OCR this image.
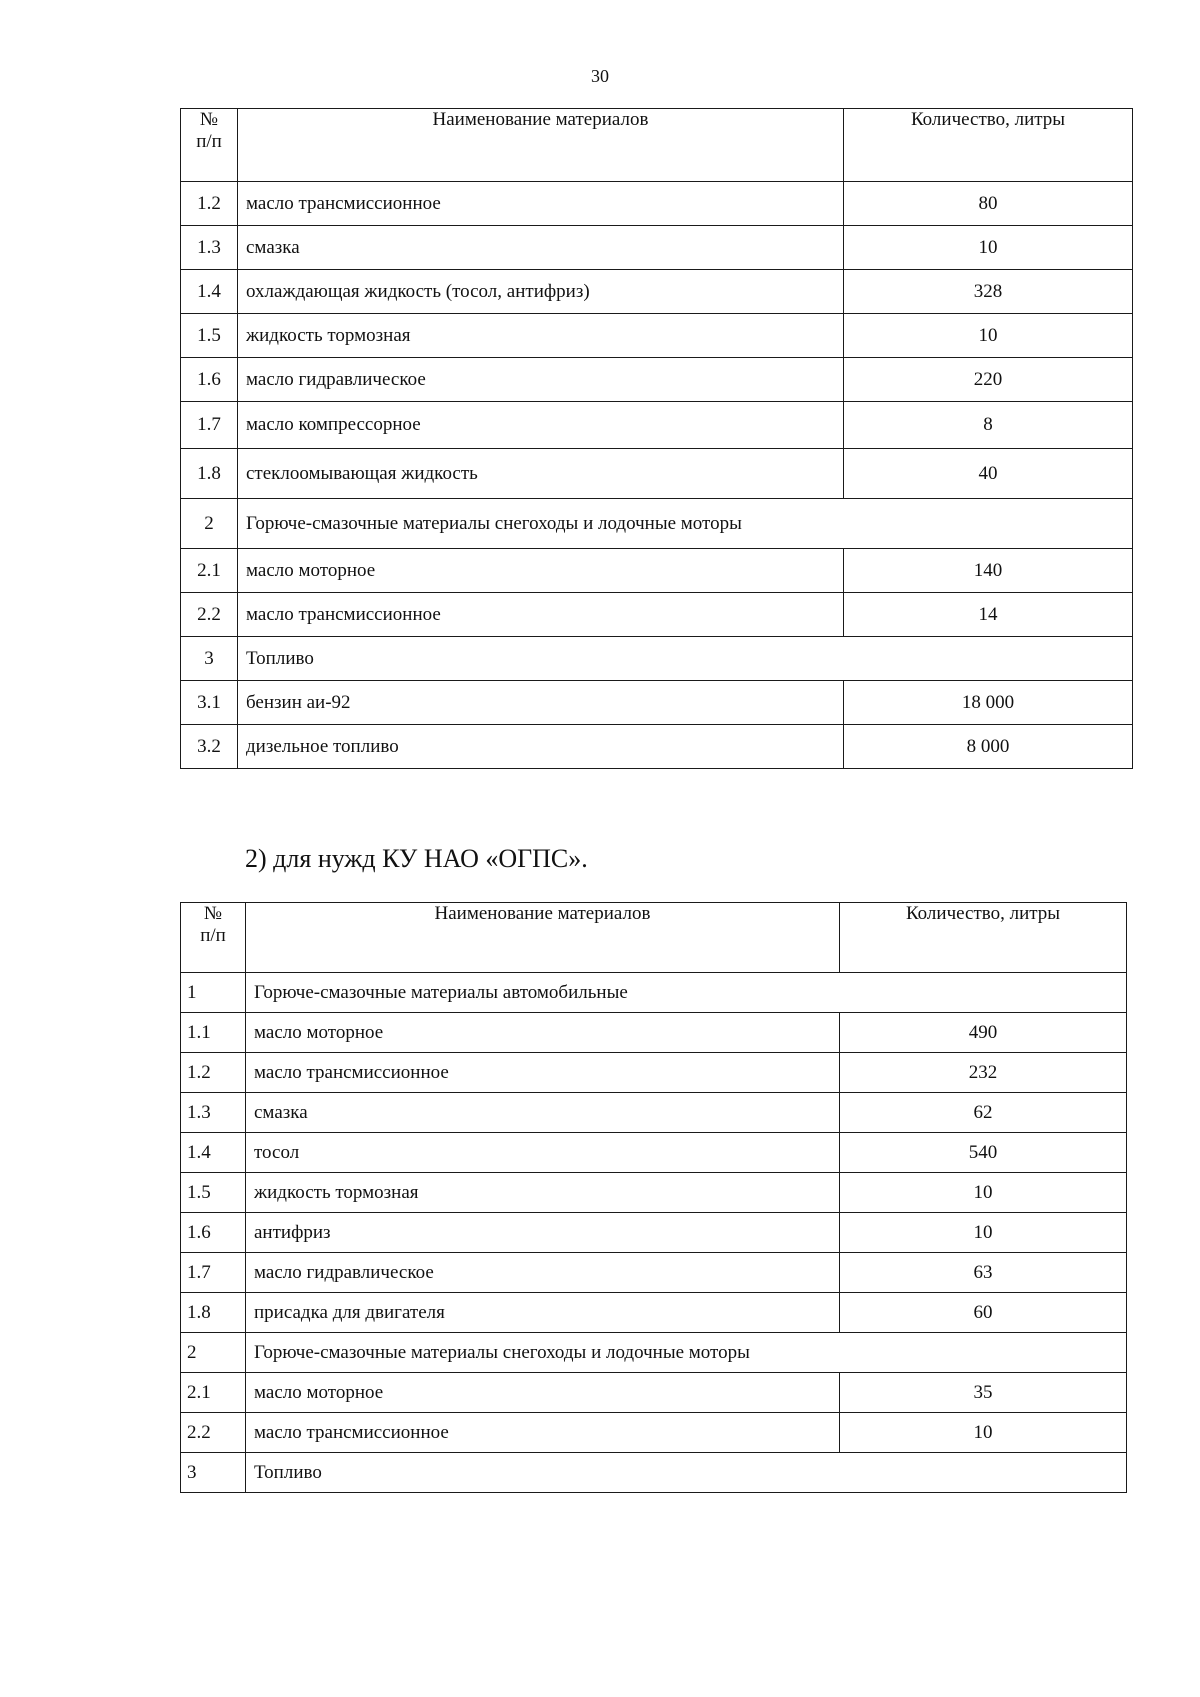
30
№
п/п	Наименование материалов	Количество, литры
1.2	масло трансмиссионное	80
1.3	смазка	10
1.4	охлаждающая жидкость (тосол, антифриз)	328
1.5	жидкость тормозная	10
1.6	масло гидравлическое	220
1.7	масло компрессорное	8
1.8	стеклоомывающая жидкость	40
2	Горюче-смазочные материалы снегоходы и лодочные моторы	
2.1	масло моторное	140
2.2	масло трансмиссионное	14
3	Топливо	
3.1	бензин аи-92	18 000
3.2	дизельное топливо	8 000
2) для нужд КУ НАО «ОГПС».
№
п/п	Наименование материалов	Количество, литры
1	Горюче-смазочные материалы автомобильные	
1.1	масло моторное	490
1.2	масло трансмиссионное	232
1.3	смазка	62
1.4	тосол	540
1.5	жидкость тормозная	10
1.6	антифриз	10
1.7	масло гидравлическое	63
1.8	присадка для двигателя	60
2	Горюче-смазочные материалы снегоходы и лодочные моторы	
2.1	масло моторное	35
2.2	масло трансмиссионное	10
3	Топливо	
